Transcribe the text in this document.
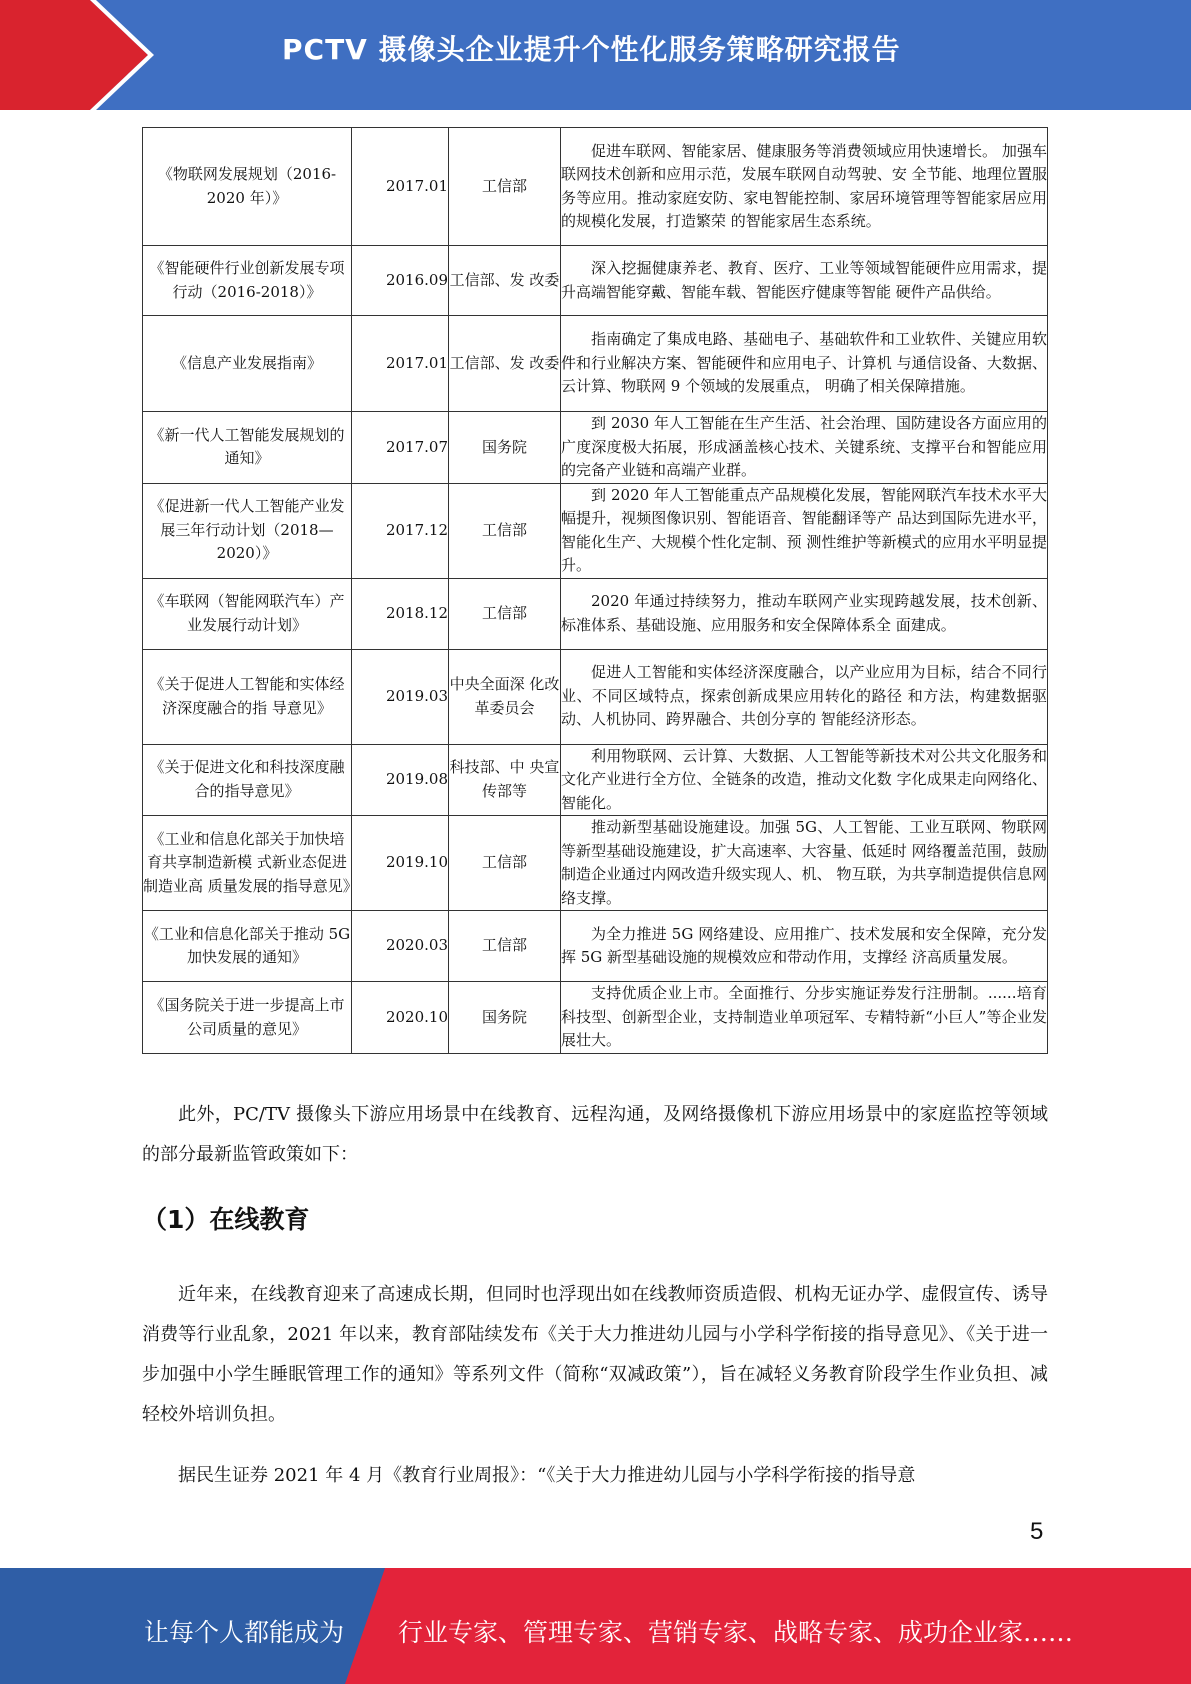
PCTV 摄像头企业提升个性化服务策略研究报告
《物联网发展规划（2016-2020 年）》	2017.01	工信部	促进车联网、智能家居、健康服务等消费领域应用快速增长。 加强车联网技术创新和应用示范，发展车联网自动驾驶、安 全节能、地理位置服务等应用。推动家庭安防、家电智能控制、家居环境管理等智能家居应用的规模化发展，打造繁荣 的智能家居生态系统。
《智能硬件行业创新发展专项行动（2016-2018）》	2016.09	工信部、发 改委	深入挖掘健康养老、教育、医疗、工业等领域智能硬件应用需求，提升高端智能穿戴、智能车载、智能医疗健康等智能 硬件产品供给。
《信息产业发展指南》	2017.01	工信部、发 改委	指南确定了集成电路、基础电子、基础软件和工业软件、关键应用软件和行业解决方案、智能硬件和应用电子、计算机 与通信设备、大数据、云计算、物联网 9 个领域的发展重点， 明确了相关保障措施。
《新一代人工智能发展规划的通知》	2017.07	国务院	到 2030 年人工智能在生产生活、社会治理、国防建设各方面应用的广度深度极大拓展，形成涵盖核心技术、关键系统、支撑平台和智能应用的完备产业链和高端产业群。
《促进新一代人工智能产业发展三年行动计划（2018—2020）》	2017.12	工信部	到 2020 年人工智能重点产品规模化发展，智能网联汽车技术水平大幅提升，视频图像识别、智能语音、智能翻译等产 品达到国际先进水平，智能化生产、大规模个性化定制、预 测性维护等新模式的应用水平明显提升。
《车联网（智能网联汽车）产业发展行动计划》	2018.12	工信部	2020 年通过持续努力，推动车联网产业实现跨越发展，技术创新、标准体系、基础设施、应用服务和安全保障体系全 面建成。
《关于促进人工智能和实体经济深度融合的指 导意见》	2019.03	中央全面深 化改革委员会	促进人工智能和实体经济深度融合，以产业应用为目标，结合不同行业、不同区域特点，探索创新成果应用转化的路径 和方法，构建数据驱动、人机协同、跨界融合、共创分享的 智能经济形态。
《关于促进文化和科技深度融合的指导意见》	2019.08	科技部、中 央宣传部等	利用物联网、云计算、大数据、人工智能等新技术对公共文化服务和文化产业进行全方位、全链条的改造，推动文化数 字化成果走向网络化、智能化。
《工业和信息化部关于加快培育共享制造新模 式新业态促进制造业高 质量发展的指导意见》	2019.10	工信部	推动新型基础设施建设。加强 5G、人工智能、工业互联网、物联网等新型基础设施建设，扩大高速率、大容量、低延时 网络覆盖范围，鼓励制造企业通过内网改造升级实现人、机、 物互联，为共享制造提供信息网络支撑。
《工业和信息化部关于推动 5G 加快发展的通知》	2020.03	工信部	为全力推进 5G 网络建设、应用推广、技术发展和安全保障，充分发挥 5G 新型基础设施的规模效应和带动作用，支撑经 济高质量发展。
《国务院关于进一步提高上市公司质量的意见》	2020.10	国务院	支持优质企业上市。全面推行、分步实施证券发行注册制。......培育科技型、创新型企业，支持制造业单项冠军、专精特新“小巨人”等企业发展壮大。
此外，PC/TV 摄像头下游应用场景中在线教育、远程沟通，及网络摄像机下游应用场景中的家庭监控等领域的部分最新监管政策如下：
（1）在线教育
近年来，在线教育迎来了高速成长期，但同时也浮现出如在线教师资质造假、机构无证办学、虚假宣传、诱导消费等行业乱象，2021 年以来，教育部陆续发布《关于大力推进幼儿园与小学科学衔接的指导意见》、《关于进一步加强中小学生睡眠管理工作的通知》等系列文件（简称“双减政策”），旨在减轻义务教育阶段学生作业负担、减轻校外培训负担。
据民生证券 2021 年 4 月《教育行业周报》：“《关于大力推进幼儿园与小学科学衔接的指导意
5
让每个人都能成为 行业专家、管理专家、营销专家、战略专家、成功企业家……
